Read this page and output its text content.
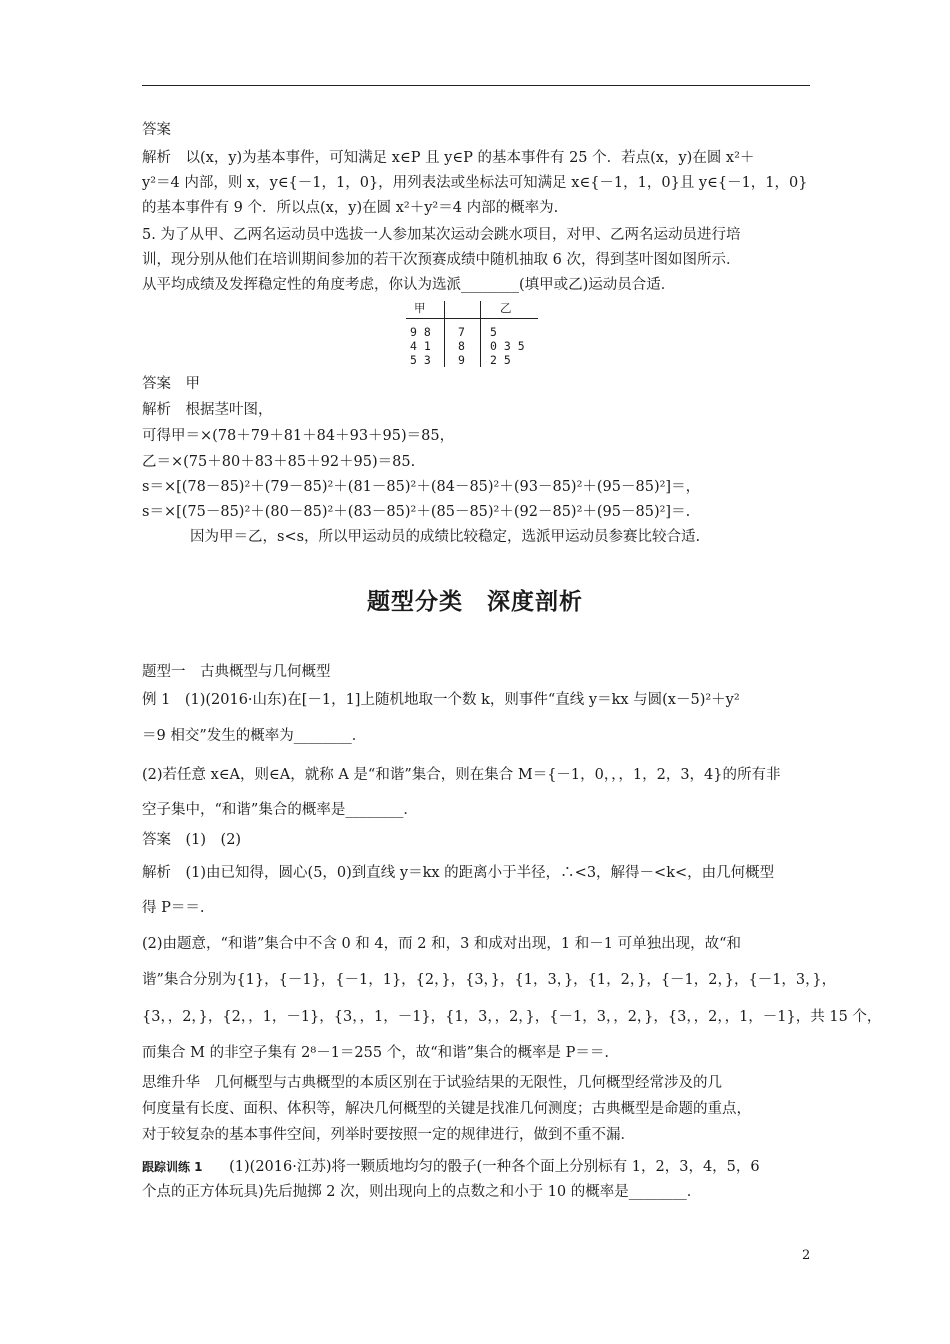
答案
解析　以(x，y)为基本事件，可知满足 x∈P 且 y∈P 的基本事件有 25 个．若点(x，y)在圆 x²＋
y²＝4 内部，则 x，y∈{－1，1，0}，用列表法或坐标法可知满足 x∈{－1，1，0}且 y∈{－1，1，0}
的基本事件有 9 个．所以点(x，y)在圆 x²＋y²＝4 内部的概率为.
5. 为了从甲、乙两名运动员中选拔一人参加某次运动会跳水项目，对甲、乙两名运动员进行培
训，现分别从他们在培训期间参加的若干次预赛成绩中随机抽取 6 次，得到茎叶图如图所示．
从平均成绩及发挥稳定性的角度考虑，你认为选派________(填甲或乙)运动员合适．
答案　甲
解析　根据茎叶图，
可得甲＝×(78＋79＋81＋84＋93＋95)＝85，
乙＝×(75＋80＋83＋85＋92＋95)＝85.
s＝×[(78－85)²＋(79－85)²＋(81－85)²＋(84－85)²＋(93－85)²＋(95－85)²]＝，
s＝×[(75－85)²＋(80－85)²＋(83－85)²＋(85－85)²＋(92－85)²＋(95－85)²]＝.
题型一　古典概型与几何概型
例 1　(1)(2016·山东)在[－1，1]上随机地取一个数 k，则事件“直线 y＝kx 与圆(x－5)²＋y²
＝9 相交”发生的概率为________．
(2)若任意 x∈A，则∈A，就称 A 是“和谐”集合，则在集合 M＝{－1，0，，，1，2，3，4}的所有非
空子集中，“和谐”集合的概率是________．
答案　(1)　(2)
解析　(1)由已知得，圆心(5，0)到直线 y＝kx 的距离小于半径，∴<3，解得－<k<，由几何概型
得 P＝＝.
(2)由题意，“和谐”集合中不含 0 和 4，而 2 和，3 和成对出现，1 和－1 可单独出现，故“和
谐”集合分别为{1}，{－1}，{－1，1}，{2，}，{3，}，{1，3，}，{1，2，}，{－1，2，}，{－1，3，}，
{3，，2，}，{2，，1，－1}，{3，，1，－1}，{1，3，，2，}，{－1，3，，2，}，{3，，2，，1，－1}，共 15 个，
而集合 M 的非空子集有 2⁸－1＝255 个，故“和谐”集合的概率是 P＝＝.
思维升华　几何概型与古典概型的本质区别在于试验结果的无限性，几何概型经常涉及的几
何度量有长度、面积、体积等，解决几何概型的关键是找准几何测度；古典概型是命题的重点，
对于较复杂的基本事件空间，列举时要按照一定的规律进行，做到不重不漏．
个点的正方体玩具)先后抛掷 2 次，则出现向上的点数之和小于 10 的概率是________．
因为甲＝乙，s<s，所以甲运动员的成绩比较稳定，选派甲运动员参赛比较合适.
题型分类　深度剖析
跟踪训练 1 (1)(2016·江苏)将一颗质地均匀的骰子(一种各个面上分别标有 1，2，3，4，5，6
甲	乙
9 8 7 5
4 1 8 0 3 5
5 3 9 2 5
2
